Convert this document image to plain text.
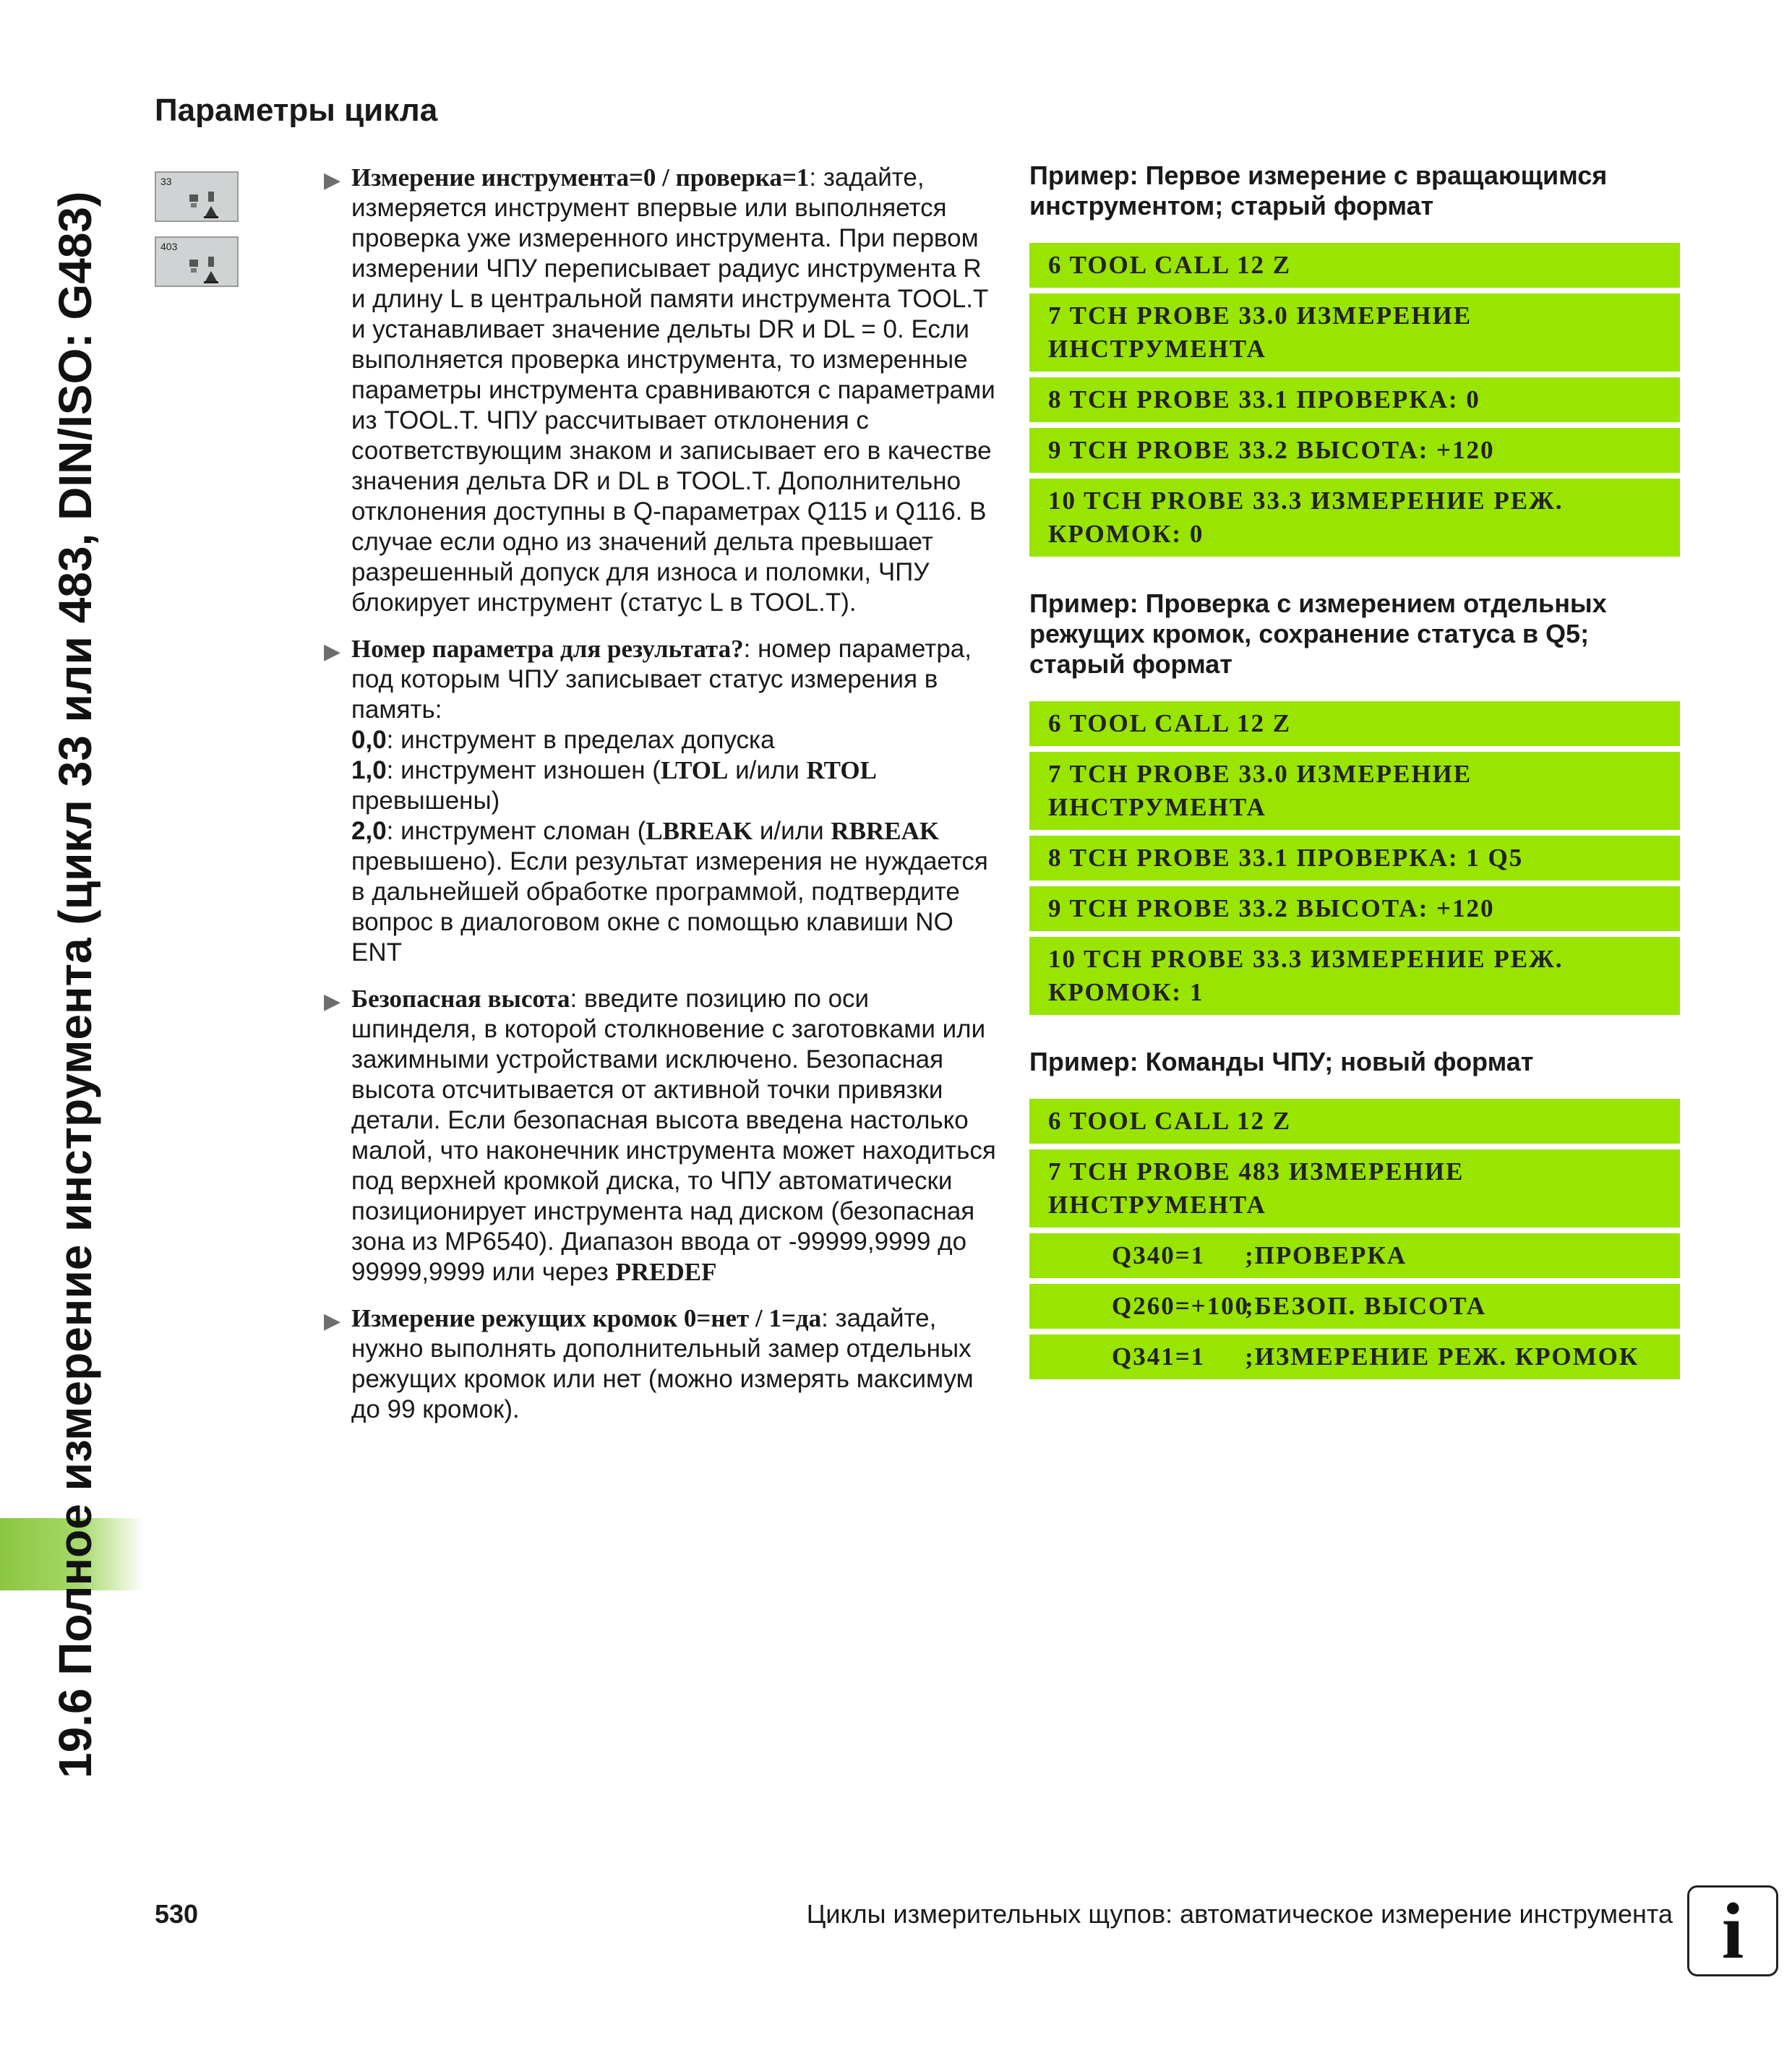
19.6 Полное измерение инструмента (цикл 33 или 483, DIN/ISO: G483)
Параметры цикла
33
403
▶ Измерение инструмента=0 / проверка=1: задайте, измеряется инструмент впервые или выполняется проверка уже измеренного инструмента. При первом измерении ЧПУ переписывает радиус инструмента R и длину L в центральной памяти инструмента TOOL.T и устанавливает значение дельты DR и DL = 0. Если выполняется проверка инструмента, то измеренные параметры инструмента сравниваются с параметрами из TOOL.T. ЧПУ рассчитывает отклонения с соответствующим знаком и записывает его в качестве значения дельта DR и DL в TOOL.T. Дополнительно отклонения доступны в Q-параметрах Q115 и Q116. В случае если одно из значений дельта превышает разрешенный допуск для износа и поломки, ЧПУ блокирует инструмент (статус L в TOOL.T).
▶ Номер параметра для результата?: номер параметра, под которым ЧПУ записывает статус измерения в память:
0,0: инструмент в пределах допуска
1,0: инструмент изношен (LTOL и/или RTOL превышены)
2,0: инструмент сломан (LBREAK и/или RBREAK превышено). Если результат измерения не нуждается в дальнейшей обработке программой, подтвердите вопрос в диалоговом окне с помощью клавиши NO ENT
▶ Безопасная высота: введите позицию по оси шпинделя, в которой столкновение с заготовками или зажимными устройствами исключено. Безопасная высота отсчитывается от активной точки привязки детали. Если безопасная высота введена настолько малой, что наконечник инструмента может находиться под верхней кромкой диска, то ЧПУ автоматически позиционирует инструмента над диском (безопасная зона из MP6540). Диапазон ввода от -99999,9999 до 99999,9999 или через PREDEF
▶ Измерение режущих кромок 0=нет / 1=да: задайте, нужно выполнять дополнительный замер отдельных режущих кромок или нет (можно измерять максимум до 99 кромок).

Пример: Первое измерение с вращающимся инструментом; старый формат

6 TOOL CALL 12 Z
7 TCH PROBE 33.0 ИЗМЕРЕНИЕ ИНСТРУМЕНТА
8 TCH PROBE 33.1 ПРОВЕРКА: 0
9 TCH PROBE 33.2 ВЫСОТА: +120
10 TCH PROBE 33.3 ИЗМЕРЕНИЕ РЕЖ. КРОМОК: 0

Пример: Проверка с измерением отдельных режущих кромок, сохранение статуса в Q5; старый формат

6 TOOL CALL 12 Z
7 TCH PROBE 33.0 ИЗМЕРЕНИЕ ИНСТРУМЕНТА
8 TCH PROBE 33.1 ПРОВЕРКА: 1 Q5
9 TCH PROBE 33.2 ВЫСОТА: +120
10 TCH PROBE 33.3 ИЗМЕРЕНИЕ РЕЖ. КРОМОК: 1

Пример: Команды ЧПУ; новый формат

6 TOOL CALL 12 Z
7 TCH PROBE 483 ИЗМЕРЕНИЕ ИНСТРУМЕНТА
Q340=1 ;ПРОВЕРКА
Q260=+100;БЕЗОП. ВЫСОТА
Q341=1 ;ИЗМЕРЕНИЕ РЕЖ. КРОМОК
530	Циклы измерительных щупов: автоматическое измерение инструмента i
